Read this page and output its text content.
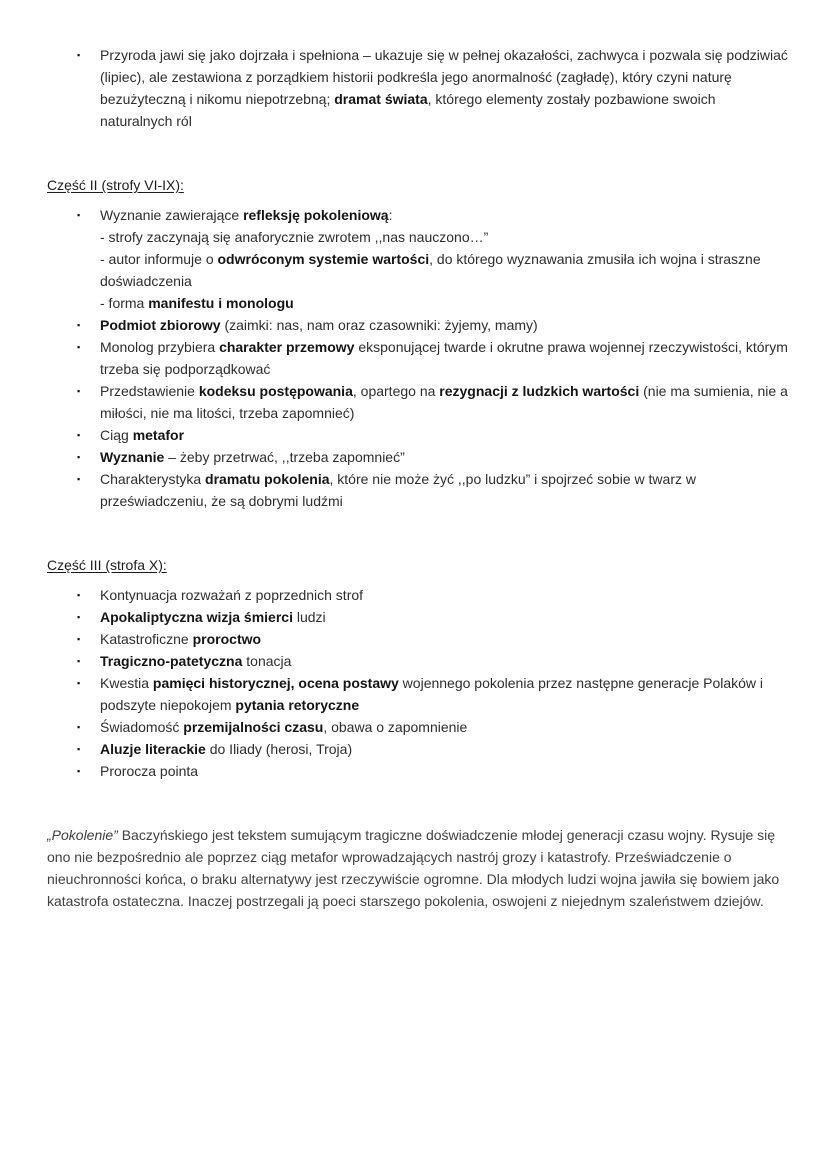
▪ Przyroda jawi się jako dojrzała i spełniona – ukazuje się w pełnej okazałości, zachwyca i pozwala się podziwiać (lipiec), ale zestawiona z porządkiem historii podkreśla jego anormalność (zagładę), który czyni naturę bezużyteczną i nikomu niepotrzebną; dramat świata, którego elementy zostały pozbawione swoich naturalnych ról
Część II (strofy VI-IX):
▪ Wyznanie zawierające refleksję pokoleniową:
- strofy zaczynają się anaforycznie zwrotem ,,nas nauczono…”
- autor informuje o odwróconym systemie wartości, do którego wyznawania zmusiła ich wojna i straszne doświadczenia
- forma manifestu i monologu
▪ Podmiot zbiorowy (zaimki: nas, nam oraz czasowniki: żyjemy, mamy)
▪ Monolog przybiera charakter przemowy eksponującej twarde i okrutne prawa wojennej rzeczywistości, którym trzeba się podporządkować
▪ Przedstawienie kodeksu postępowania, opartego na rezygnacji z ludzkich wartości (nie ma sumienia, nie a miłości, nie ma litości, trzeba zapomnieć)
▪ Ciąg metafor
▪ Wyznanie – żeby przetrwać, ,,trzeba zapomnieć”
▪ Charakterystyka dramatu pokolenia, które nie może żyć ,,po ludzku” i spojrzeć sobie w twarz w przeświadczeniu, że są dobrymi ludźmi
Część III (strofa X):
▪ Kontynuacja rozważań z poprzednich strof
▪ Apokaliptyczna wizja śmierci ludzi
▪ Katastroficzne proroctwo
▪ Tragiczno-patetyczna tonacja
▪ Kwestia pamięci historycznej, ocena postawy wojennego pokolenia przez następne generacje Polaków i podszyte niepokojem pytania retoryczne
▪ Świadomość przemijalności czasu, obawa o zapomnienie
▪ Aluzje literackie do Iliady (herosi, Troja)
▪ Prorocza pointa
„Pokolenie” Baczyńskiego jest tekstem sumującym tragiczne doświadczenie młodej generacji czasu wojny. Rysuje się ono nie bezpośrednio ale poprzez ciąg metafor wprowadzających nastrój grozy i katastrofy. Przeświadczenie o nieuchronności końca, o braku alternatywy jest rzeczywiście ogromne. Dla młodych ludzi wojna jawiła się bowiem jako katastrofa ostateczna. Inaczej postrzegali ją poeci starszego pokolenia, oswojeni z niejednym szaleństwem dziejów.
